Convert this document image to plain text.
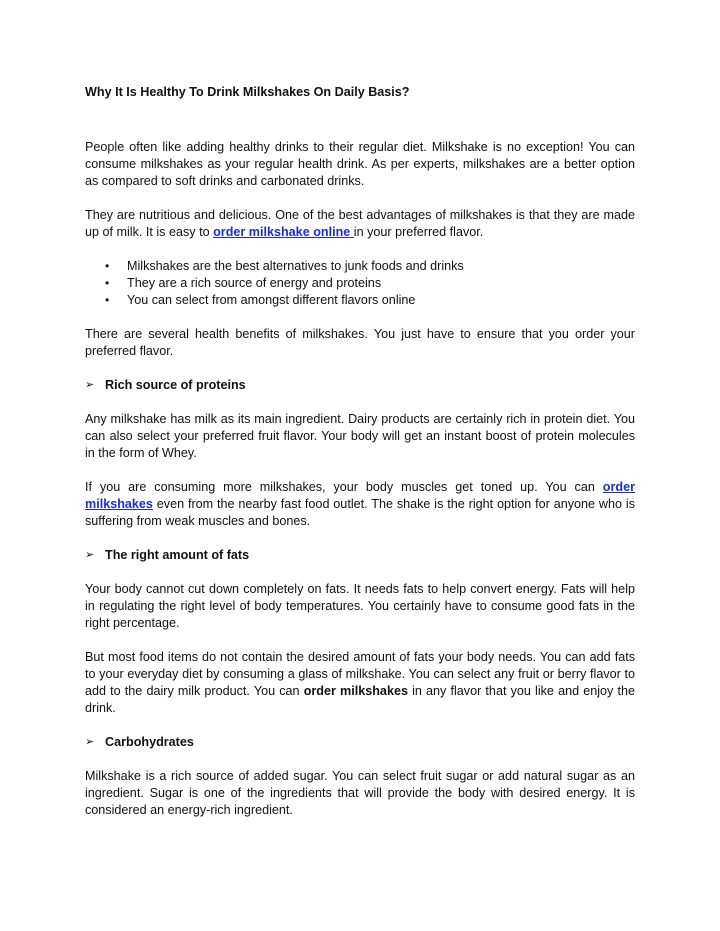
Why It Is Healthy To Drink Milkshakes On Daily Basis?

People often like adding healthy drinks to their regular diet. Milkshake is no exception! You can consume milkshakes as your regular health drink. As per experts, milkshakes are a better option as compared to soft drinks and carbonated drinks.

They are nutritious and delicious. One of the best advantages of milkshakes is that they are made up of milk. It is easy to order milkshake online in your preferred flavor.

• Milkshakes are the best alternatives to junk foods and drinks
• They are a rich source of energy and proteins
• You can select from amongst different flavors online

There are several health benefits of milkshakes. You just have to ensure that you order your preferred flavor.

➢ Rich source of proteins

Any milkshake has milk as its main ingredient. Dairy products are certainly rich in protein diet. You can also select your preferred fruit flavor. Your body will get an instant boost of protein molecules in the form of Whey.

If you are consuming more milkshakes, your body muscles get toned up. You can order milkshakes even from the nearby fast food outlet. The shake is the right option for anyone who is suffering from weak muscles and bones.

➢ The right amount of fats

Your body cannot cut down completely on fats. It needs fats to help convert energy. Fats will help in regulating the right level of body temperatures. You certainly have to consume good fats in the right percentage.

But most food items do not contain the desired amount of fats your body needs. You can add fats to your everyday diet by consuming a glass of milkshake. You can select any fruit or berry flavor to add to the dairy milk product. You can order milkshakes in any flavor that you like and enjoy the drink.

➢ Carbohydrates

Milkshake is a rich source of added sugar. You can select fruit sugar or add natural sugar as an ingredient. Sugar is one of the ingredients that will provide the body with desired energy. It is considered an energy-rich ingredient.
